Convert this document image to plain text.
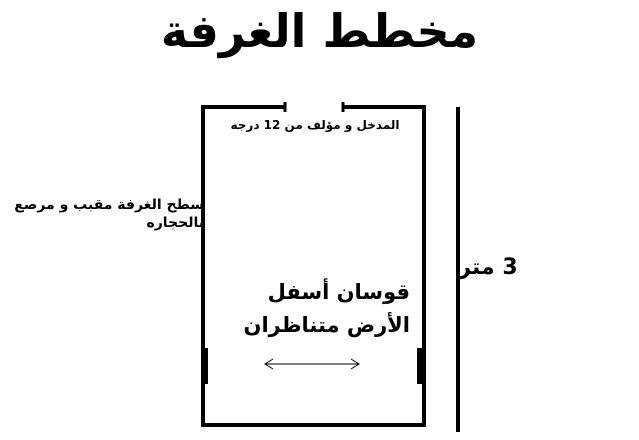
مخطط الغرفة
المدخل و مؤلف من 12 درجه
سطح الغرفة مقبب و مرصع بالحجاره
قوسان أسفل الأرض متناظران
3 متر
